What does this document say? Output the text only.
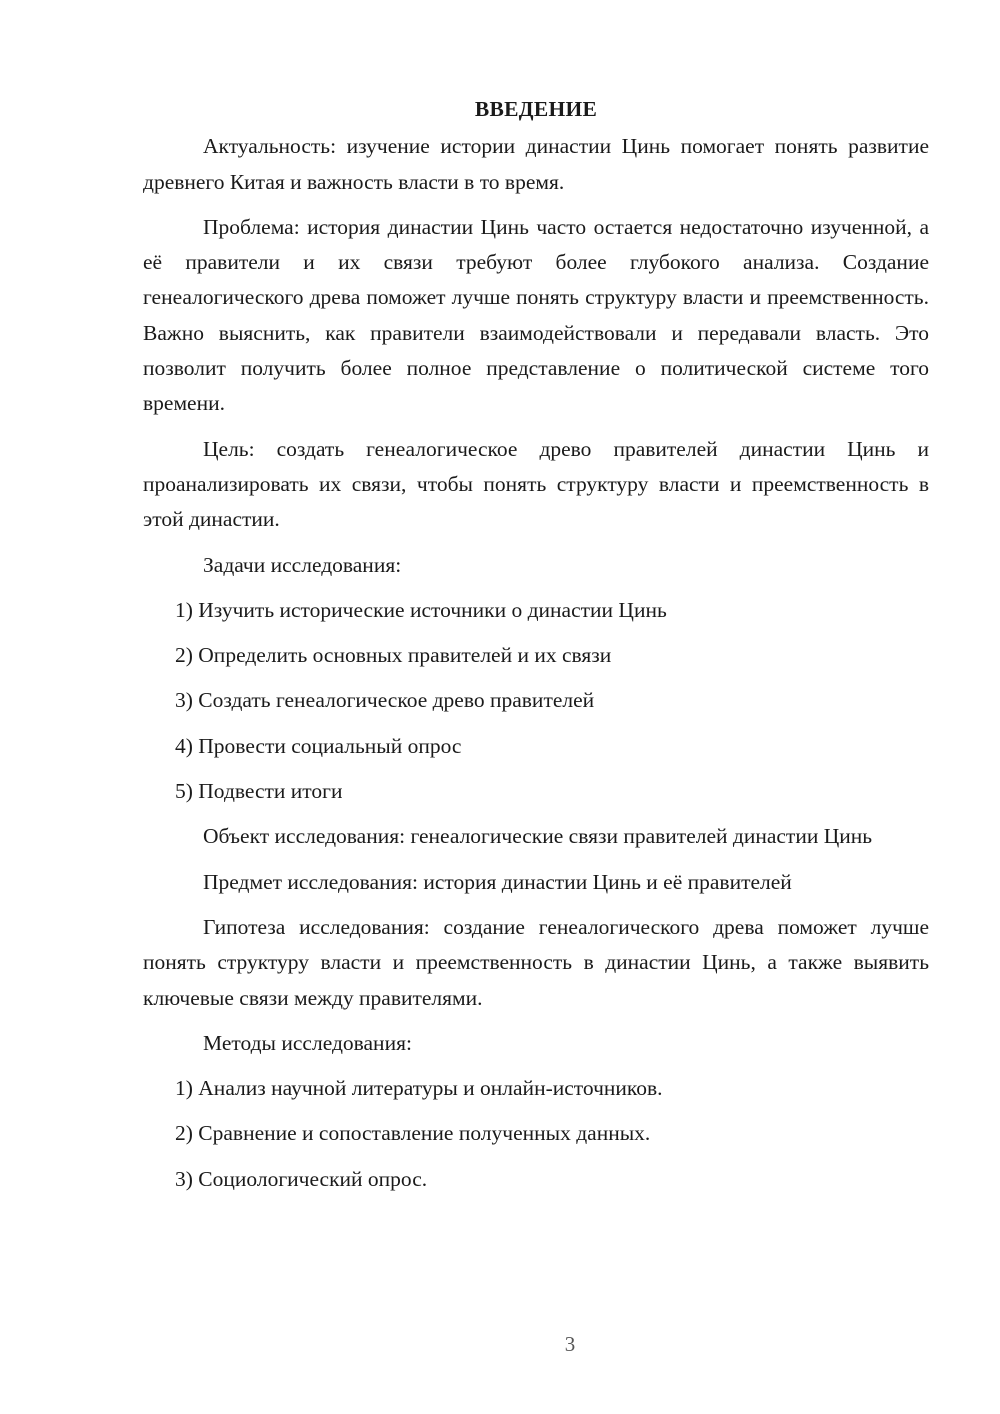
ВВЕДЕНИЕ

Актуальность: изучение истории династии Цинь помогает понять развитие древнего Китая и важность власти в то время.

Проблема: история династии Цинь часто остается недостаточно изученной, а её правители и их связи требуют более глубокого анализа. Создание генеалогического древа поможет лучше понять структуру власти и преемственность. Важно выяснить, как правители взаимодействовали и передавали власть. Это позволит получить более полное представление о политической системе того времени.

Цель: создать генеалогическое древо правителей династии Цинь и проанализировать их связи, чтобы понять структуру власти и преемственность в этой династии.

Задачи исследования:

1) Изучить исторические источники о династии Цинь

2) Определить основных правителей и их связи

3) Создать генеалогическое древо правителей

4) Провести социальный опрос

5) Подвести итоги

Объект исследования: генеалогические связи правителей династии Цинь

Предмет исследования: история династии Цинь и её правителей

Гипотеза исследования: создание генеалогического древа поможет лучше понять структуру власти и преемственность в династии Цинь, а также выявить ключевые связи между правителями.

Методы исследования:

1) Анализ научной литературы и онлайн-источников.

2) Сравнение и сопоставление полученных данных.

3) Социологический опрос.

3
